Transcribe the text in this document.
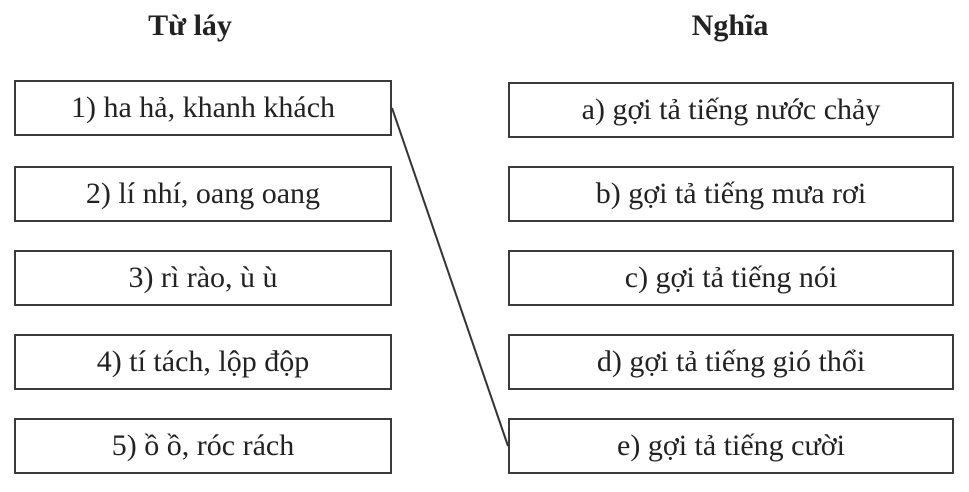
Từ láy	Nghĩa
1) ha hả, khanh khách
2) lí nhí, oang oang
3) rì rào, ù ù
4) tí tách, lộp độp
5) ồ ồ, róc rách
a) gợi tả tiếng nước chảy
b) gợi tả tiếng mưa rơi
c) gợi tả tiếng nói
d) gợi tả tiếng gió thổi
e) gợi tả tiếng cười
